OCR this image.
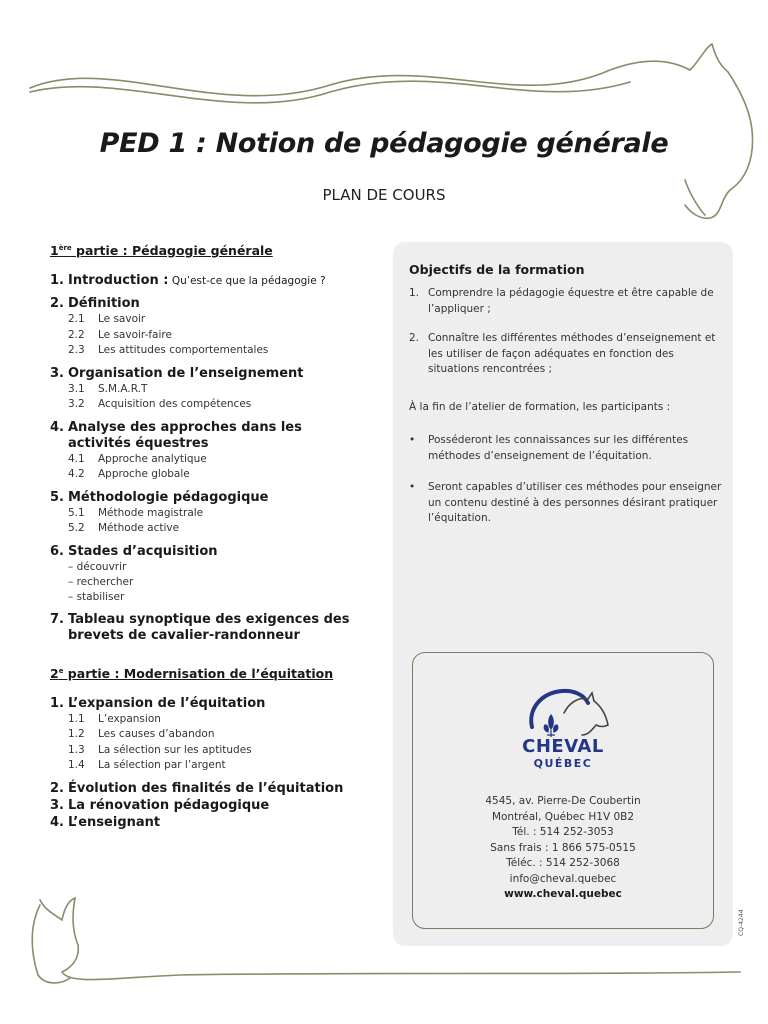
PED 1 : Notion de pédagogie générale
PLAN DE COURS
1ère partie : Pédagogie générale
1. Introduction : Qu’est-ce que la pédagogie ?
2. Définition
2.1 Le savoir
2.2 Le savoir-faire
2.3 Les attitudes comportementales
3. Organisation de l’enseignement
3.1 S.M.A.R.T
3.2 Acquisition des compétences
4. Analyse des approches dans les activités équestres
4.1 Approche analytique
4.2 Approche globale
5. Méthodologie pédagogique
5.1 Méthode magistrale
5.2 Méthode active
6. Stades d’acquisition
– découvrir
– rechercher
– stabiliser
7. Tableau synoptique des exigences des brevets de cavalier-randonneur
2e partie : Modernisation de l’équitation
1. L’expansion de l’équitation
1.1 L’expansion
1.2 Les causes d’abandon
1.3 La sélection sur les aptitudes
1.4 La sélection par l’argent
2. Évolution des finalités de l’équitation
3. La rénovation pédagogique
4. L’enseignant
Objectifs de la formation
1. Comprendre la pédagogie équestre et être capable de l’appliquer ;
2. Connaître les différentes méthodes d’enseignement et les utiliser de façon adéquates en fonction des situations rencontrées ;
À la fin de l’atelier de formation, les participants :
•	Posséderont les connaissances sur les différentes méthodes d’enseignement de l’équitation.
•	Seront capables d’utiliser ces méthodes pour enseigner un contenu destiné à des personnes désirant pratiquer l’équitation.
CHEVAL
QUÉBEC
4545, av. Pierre-De Coubertin
Montréal, Québec H1V 0B2
Tél. : 514 252-3053
Sans frais : 1 866 575-0515
Téléc. : 514 252-3068
info@cheval.quebec
www.cheval.quebec
CQ-4244
